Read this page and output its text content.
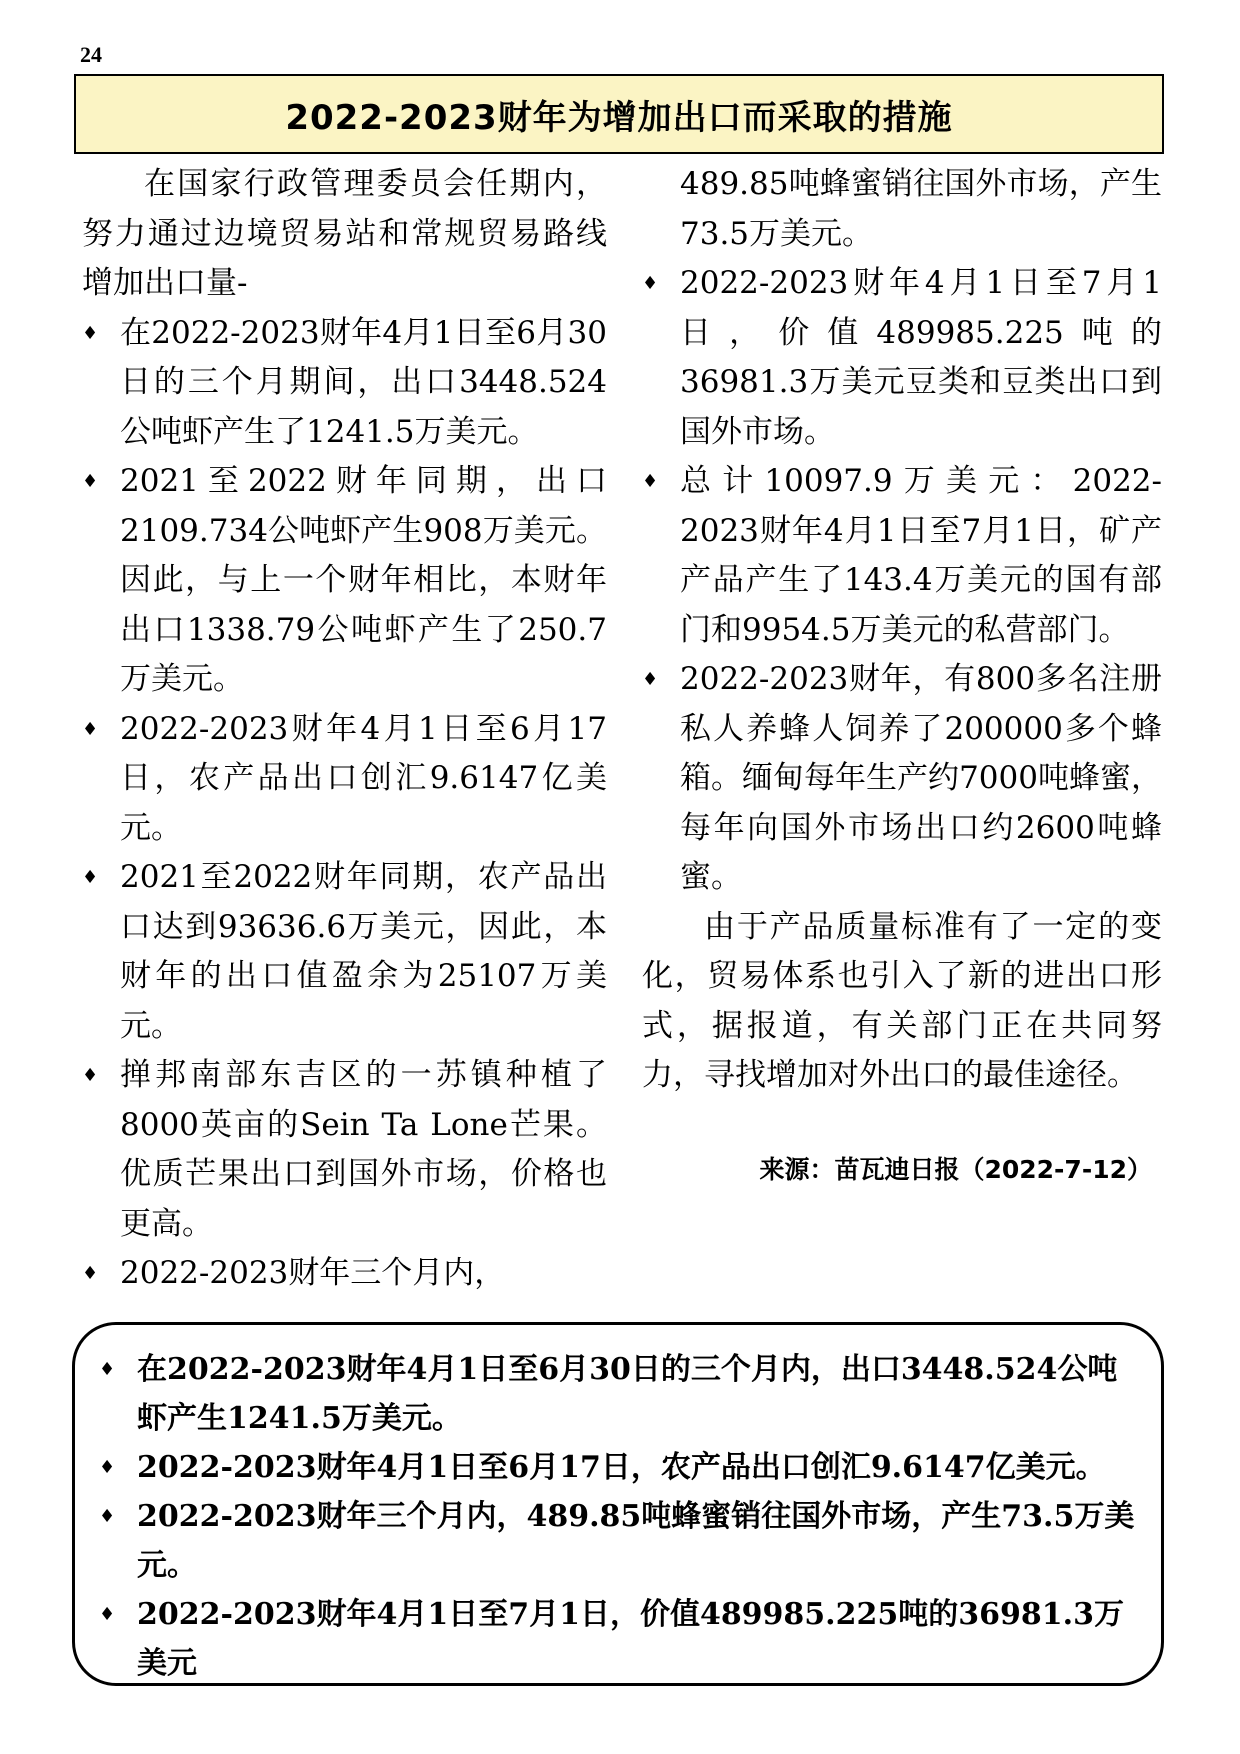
24
2022-2023财年为增加出口而采取的措施

在国家行政管理委员会任期内，努力通过边境贸易站和常规贸易路线增加出口量-

♦ 在2022-2023财年4月1日至6月30日的三个月期间，出口3448.524公吨虾产生了1241.5万美元。
♦ 2021至2022财年同期，出口2109.734公吨虾产生908万美元。因此，与上一个财年相比，本财年出口1338.79公吨虾产生了250.7万美元。
♦ 2022-2023财年4月1日至6月17日，农产品出口创汇9.6147亿美元。
♦ 2021至2022财年同期，农产品出口达到93636.6万美元，因此，本财年的出口值盈余为25107万美元。
♦ 掸邦南部东吉区的一苏镇种植了8000英亩的Sein Ta Lone芒果。优质芒果出口到国外市场，价格也更高。
♦ 2022-2023财年三个月内，

489.85吨蜂蜜销往国外市场，产生73.5万美元。

♦ 2022-2023财年4月1日至7月1日，价值489985.225吨的36981.3万美元豆类和豆类出口到国外市场。
♦ 总计10097.9万美元：2022-2023财年4月1日至7月1日，矿产产品产生了143.4万美元的国有部门和9954.5万美元的私营部门。
♦ 2022-2023财年，有800多名注册私人养蜂人饲养了200000多个蜂箱。缅甸每年生产约7000吨蜂蜜，每年向国外市场出口约2600吨蜂蜜。

由于产品质量标准有了一定的变化，贸易体系也引入了新的进出口形式，据报道，有关部门正在共同努力，寻找增加对外出口的最佳途径。

来源：苗瓦迪日报（2022-7-12）
♦ 在2022-2023财年4月1日至6月30日的三个月内，出口3448.524公吨虾产生1241.5万美元。
♦ 2022-2023财年4月1日至6月17日，农产品出口创汇9.6147亿美元。
♦ 2022-2023财年三个月内，489.85吨蜂蜜销往国外市场，产生73.5万美元。
♦ 2022-2023财年4月1日至7月1日，价值489985.225吨的36981.3万美元
